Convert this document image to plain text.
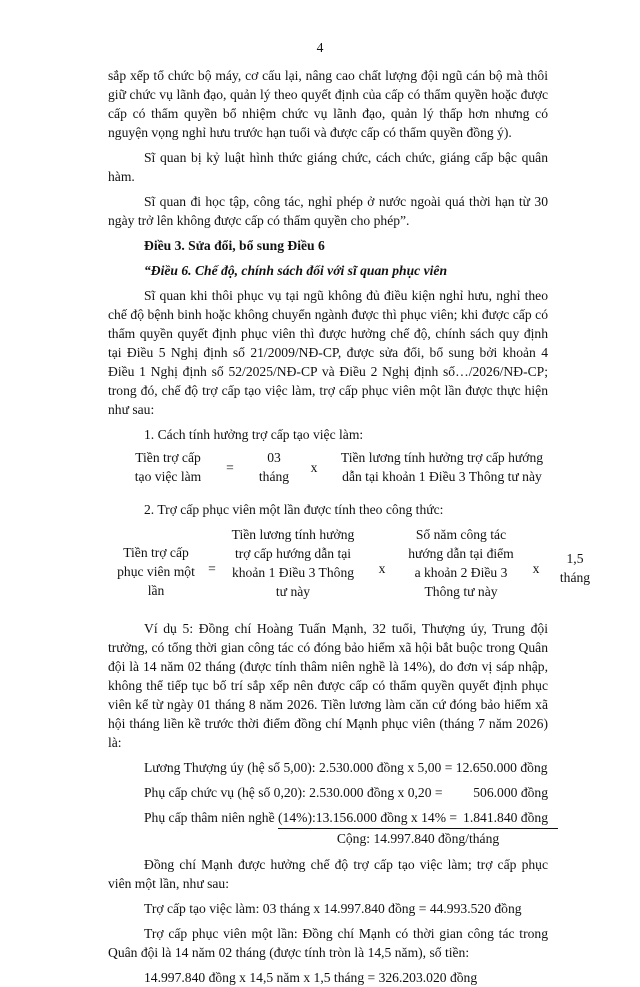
4

sắp xếp tổ chức bộ máy, cơ cấu lại, nâng cao chất lượng đội ngũ cán bộ mà thôi giữ chức vụ lãnh đạo, quản lý theo quyết định của cấp có thẩm quyền hoặc được cấp có thẩm quyền bổ nhiệm chức vụ lãnh đạo, quản lý thấp hơn nhưng có nguyện vọng nghỉ hưu trước hạn tuổi và được cấp có thẩm quyền đồng ý).

Sĩ quan bị kỷ luật hình thức giáng chức, cách chức, giáng cấp bậc quân hàm.

Sĩ quan đi học tập, công tác, nghỉ phép ở nước ngoài quá thời hạn từ 30 ngày trở lên không được cấp có thẩm quyền cho phép”.

Điều 3. Sửa đổi, bổ sung Điều 6

“Điều 6. Chế độ, chính sách đối với sĩ quan phục viên

Sĩ quan khi thôi phục vụ tại ngũ không đủ điều kiện nghỉ hưu, nghỉ theo chế độ bệnh binh hoặc không chuyển ngành được thì phục viên; khi được cấp có thẩm quyền quyết định phục viên thì được hưởng chế độ, chính sách quy định tại Điều 5 Nghị định số 21/2009/NĐ-CP, được sửa đổi, bổ sung bởi khoản 4 Điều 1 Nghị định số 52/2025/NĐ-CP và Điều 2 Nghị định số…/2026/NĐ-CP; trong đó, chế độ trợ cấp tạo việc làm, trợ cấp phục viên một lần được thực hiện như sau:

1. Cách tính hưởng trợ cấp tạo việc làm:

Tiền trợ cấp tạo việc làm
=
03 tháng
x
Tiền lương tính hưởng trợ cấp hướng dẫn tại khoản 1 Điều 3 Thông tư này

2. Trợ cấp phục viên một lần được tính theo công thức:

Tiền trợ cấp phục viên một lần
=
Tiền lương tính hưởng trợ cấp hướng dẫn tại khoản 1 Điều 3 Thông tư này
x
Số năm công tác hướng dẫn tại điểm a khoản 2 Điều 3 Thông tư này
x
1,5 tháng

Ví dụ 5: Đồng chí Hoàng Tuấn Mạnh, 32 tuổi, Thượng úy, Trung đội trưởng, có tổng thời gian công tác có đóng bảo hiểm xã hội bắt buộc trong Quân đội là 14 năm 02 tháng (được tính thâm niên nghề là 14%), do đơn vị sáp nhập, không thể tiếp tục bố trí sắp xếp nên được cấp có thẩm quyền quyết định phục viên kể từ ngày 01 tháng 8 năm 2026. Tiền lương làm căn cứ đóng bảo hiểm xã hội tháng liền kề trước thời điểm đồng chí Mạnh phục viên (tháng 7 năm 2026) là:

Lương Thượng úy (hệ số 5,00): 2.530.000 đồng x 5,00 = 12.650.000 đồng

Phụ cấp chức vụ (hệ số 0,20): 2.530.000 đồng x 0,20 = 506.000 đồng
Phụ cấp thâm niên nghề (14%):13.156.000 đồng x 14% = 1.841.840 đồng
Cộng: 14.997.840 đồng/tháng

Đồng chí Mạnh được hưởng chế độ trợ cấp tạo việc làm; trợ cấp phục viên một lần, như sau:

Trợ cấp tạo việc làm: 03 tháng x 14.997.840 đồng = 44.993.520 đồng

Trợ cấp phục viên một lần: Đồng chí Mạnh có thời gian công tác trong Quân đội là 14 năm 02 tháng (được tính tròn là 14,5 năm), số tiền:

14.997.840 đồng x 14,5 năm x 1,5 tháng = 326.203.020 đồng
